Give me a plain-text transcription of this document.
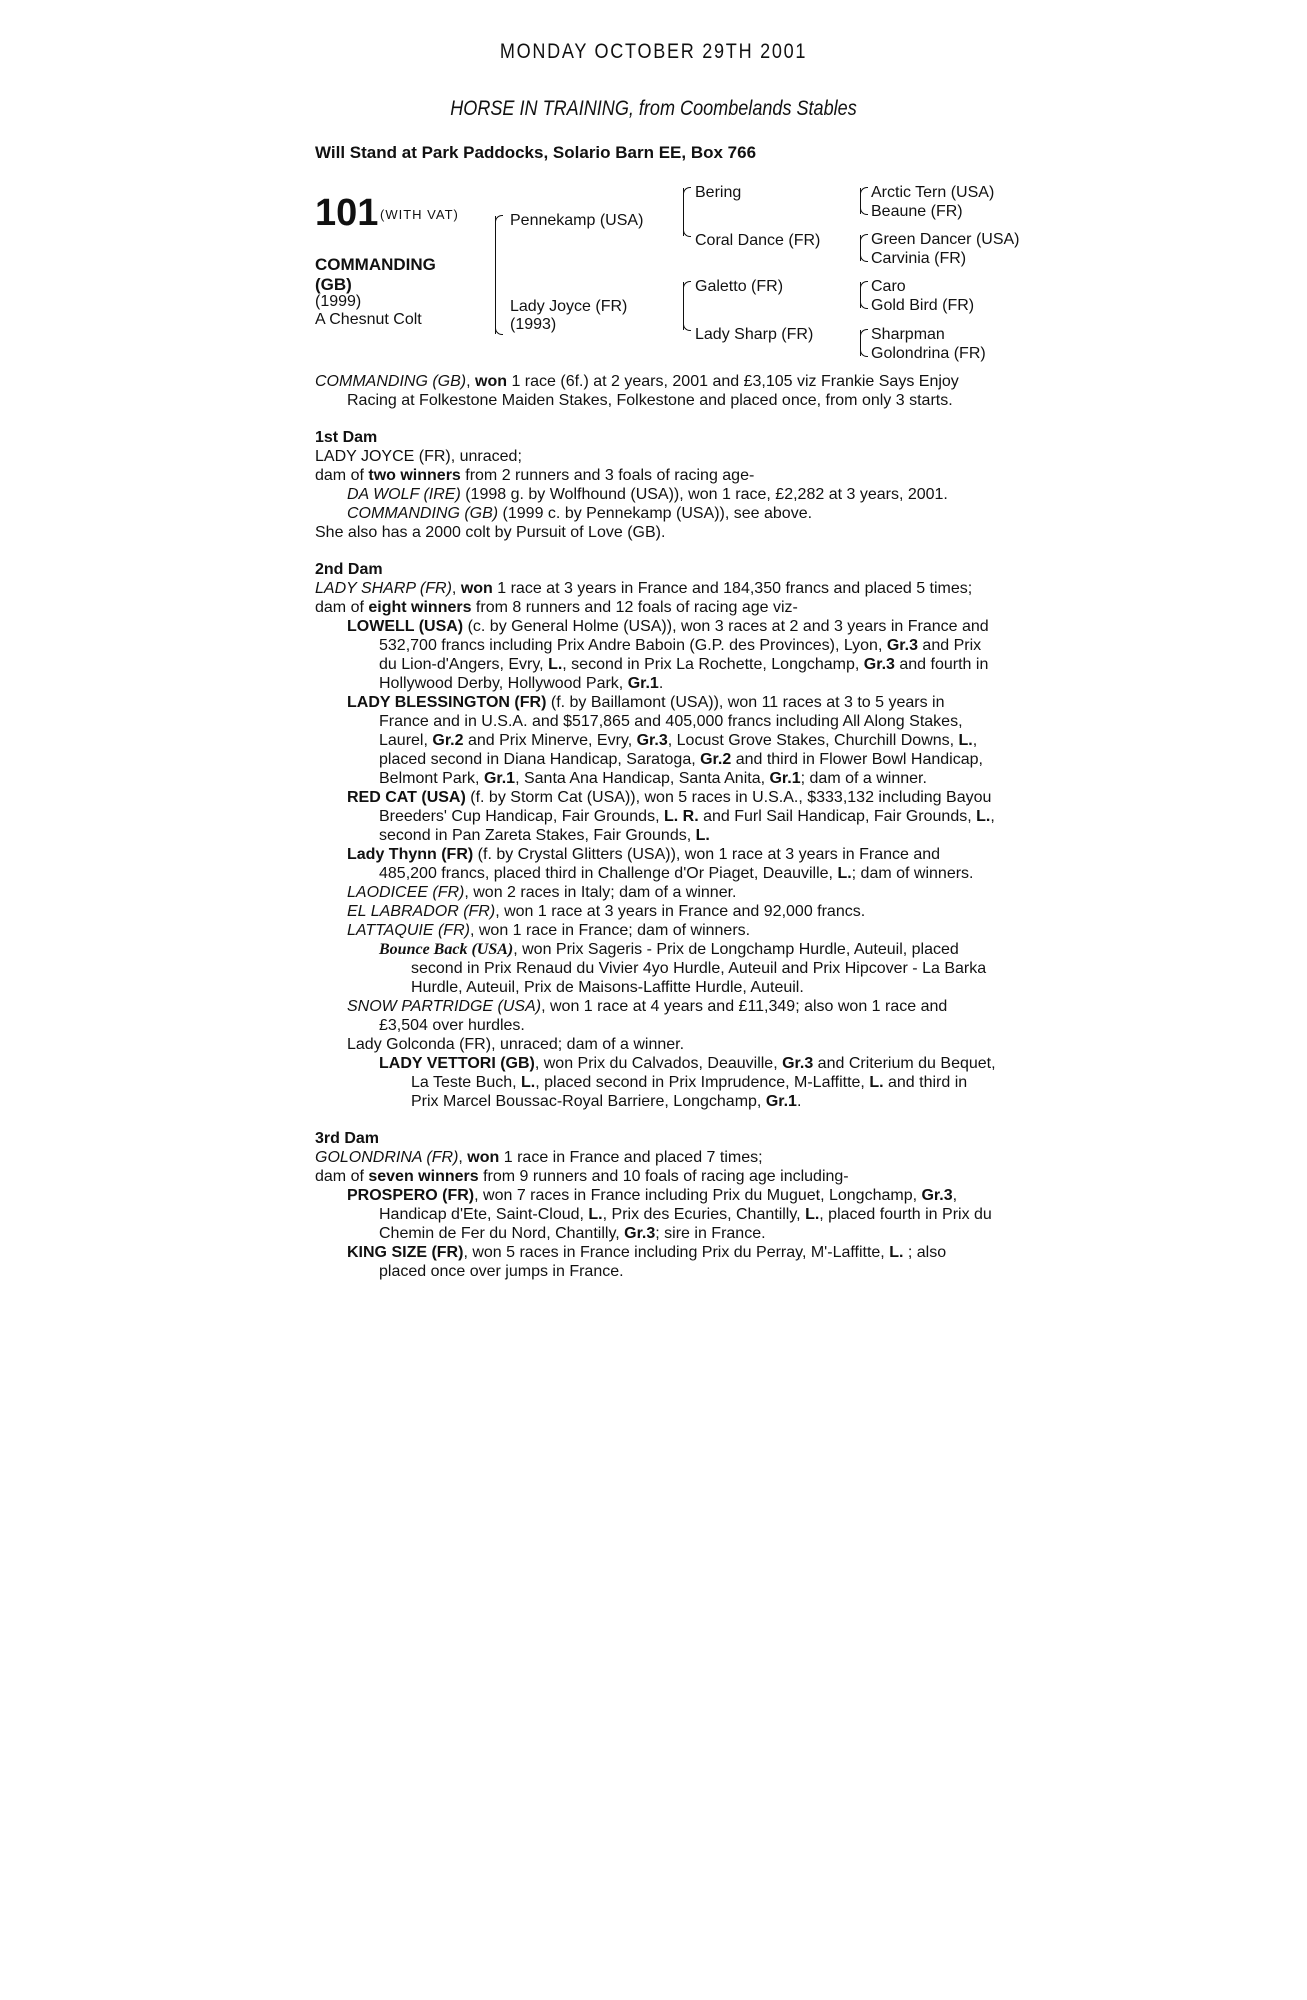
MONDAY OCTOBER 29TH 2001
HORSE IN TRAINING, from Coombelands Stables
Will Stand at Park Paddocks, Solario Barn EE, Box 766
101 (WITH VAT)
COMMANDING
(GB)
(1999)
A Chesnut Colt
Pennekamp (USA)
Lady Joyce (FR)
(1993)
Bering
Coral Dance (FR)
Galetto (FR)
Lady Sharp (FR)
Arctic Tern (USA)
Beaune (FR)
Green Dancer (USA)
Carvinia (FR)
Caro
Gold Bird (FR)
Sharpman
Golondrina (FR)

COMMANDING (GB), won 1 race (6f.) at 2 years, 2001 and £3,105 viz Frankie Says Enjoy Racing at Folkestone Maiden Stakes, Folkestone and placed once, from only 3 starts.

1st Dam

LADY JOYCE (FR), unraced;

dam of two winners from 2 runners and 3 foals of racing age-

DA WOLF (IRE) (1998 g. by Wolfhound (USA)), won 1 race, £2,282 at 3 years, 2001.

COMMANDING (GB) (1999 c. by Pennekamp (USA)), see above.

She also has a 2000 colt by Pursuit of Love (GB).

2nd Dam

LADY SHARP (FR), won 1 race at 3 years in France and 184,350 francs and placed 5 times;

dam of eight winners from 8 runners and 12 foals of racing age viz-

LOWELL (USA) (c. by General Holme (USA)), won 3 races at 2 and 3 years in France and 532,700 francs including Prix Andre Baboin (G.P. des Provinces), Lyon, Gr.3 and Prix du Lion-d'Angers, Evry, L., second in Prix La Rochette, Longchamp, Gr.3 and fourth in Hollywood Derby, Hollywood Park, Gr.1.

LADY BLESSINGTON (FR) (f. by Baillamont (USA)), won 11 races at 3 to 5 years in France and in U.S.A. and $517,865 and 405,000 francs including All Along Stakes, Laurel, Gr.2 and Prix Minerve, Evry, Gr.3, Locust Grove Stakes, Churchill Downs, L., placed second in Diana Handicap, Saratoga, Gr.2 and third in Flower Bowl Handicap, Belmont Park, Gr.1, Santa Ana Handicap, Santa Anita, Gr.1; dam of a winner.

RED CAT (USA) (f. by Storm Cat (USA)), won 5 races in U.S.A., $333,132 including Bayou Breeders' Cup Handicap, Fair Grounds, L. R. and Furl Sail Handicap, Fair Grounds, L., second in Pan Zareta Stakes, Fair Grounds, L.

Lady Thynn (FR) (f. by Crystal Glitters (USA)), won 1 race at 3 years in France and 485,200 francs, placed third in Challenge d'Or Piaget, Deauville, L.; dam of winners.

LAODICEE (FR), won 2 races in Italy; dam of a winner.

EL LABRADOR (FR), won 1 race at 3 years in France and 92,000 francs.

LATTAQUIE (FR), won 1 race in France; dam of winners.

Bounce Back (USA), won Prix Sageris - Prix de Longchamp Hurdle, Auteuil, placed second in Prix Renaud du Vivier 4yo Hurdle, Auteuil and Prix Hipcover - La Barka Hurdle, Auteuil, Prix de Maisons-Laffitte Hurdle, Auteuil.

SNOW PARTRIDGE (USA), won 1 race at 4 years and £11,349; also won 1 race and £3,504 over hurdles.

Lady Golconda (FR), unraced; dam of a winner.

LADY VETTORI (GB), won Prix du Calvados, Deauville, Gr.3 and Criterium du Bequet, La Teste Buch, L., placed second in Prix Imprudence, M-Laffitte, L. and third in Prix Marcel Boussac-Royal Barriere, Longchamp, Gr.1.

3rd Dam

GOLONDRINA (FR), won 1 race in France and placed 7 times;

dam of seven winners from 9 runners and 10 foals of racing age including-

PROSPERO (FR), won 7 races in France including Prix du Muguet, Longchamp, Gr.3, Handicap d'Ete, Saint-Cloud, L., Prix des Ecuries, Chantilly, L., placed fourth in Prix du Chemin de Fer du Nord, Chantilly, Gr.3; sire in France.

KING SIZE (FR), won 5 races in France including Prix du Perray, M'-Laffitte, L. ; also placed once over jumps in France.
